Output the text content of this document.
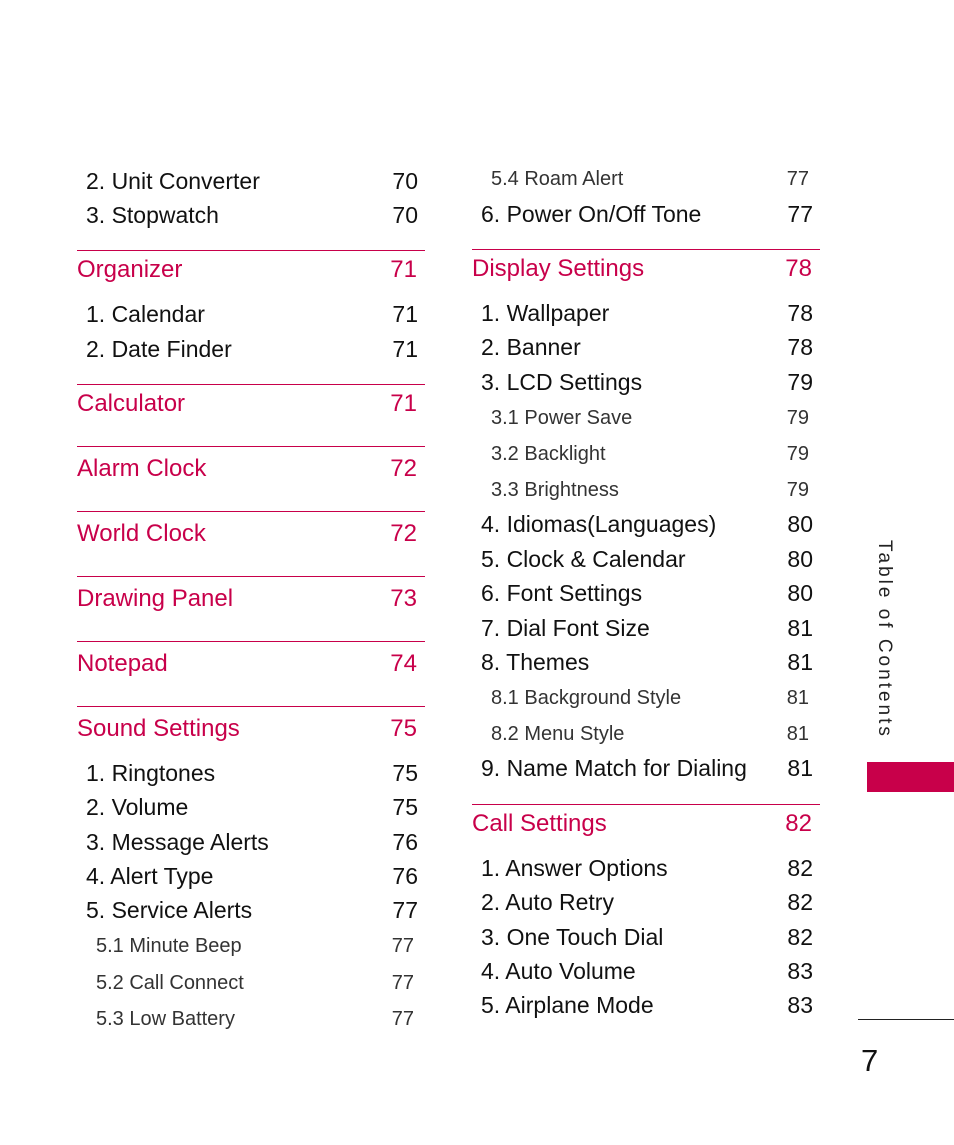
2. Unit Converter	70
3. Stopwatch	70
Organizer	71
1. Calendar	71
2. Date Finder	71
Calculator	71
Alarm Clock	72
World Clock	72
Drawing Panel	73
Notepad	74
Sound Settings	75
1. Ringtones	75
2. Volume	75
3. Message Alerts	76
4. Alert Type	76
5. Service Alerts	77
5.1 Minute Beep	77
5.2 Call Connect	77
5.3 Low Battery	77
5.4 Roam Alert	77
6. Power On/Off Tone	77
Display Settings	78
1. Wallpaper	78
2. Banner	78
3. LCD Settings	79
3.1 Power Save	79
3.2 Backlight	79
3.3 Brightness	79
4. Idiomas(Languages)	80
5. Clock & Calendar	80
6. Font Settings	80
7. Dial Font Size	81
8. Themes	81
8.1 Background Style	81
8.2 Menu Style	81
9. Name Match for Dialing 81
Call Settings	82
1. Answer Options	82
2. Auto Retry	82
3. One Touch Dial	82
4. Auto Volume	83
5. Airplane Mode	83
Table of Contents
7
